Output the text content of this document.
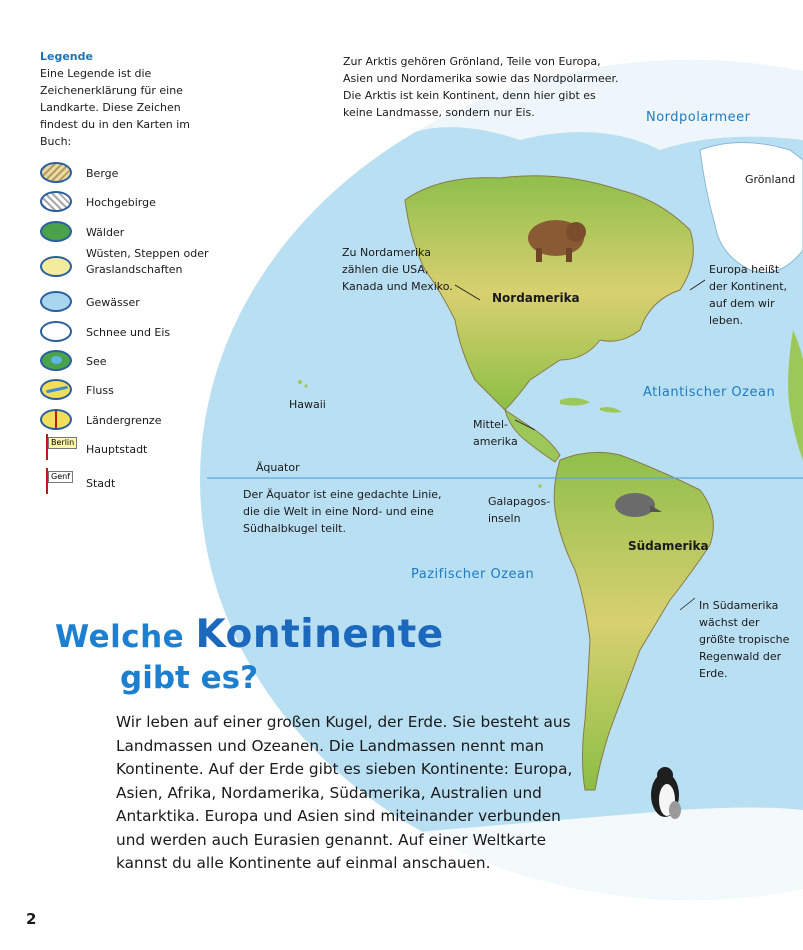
Legende
Eine Legende ist die Zeichenerklärung für eine Landkarte. Diese Zeichen findest du in den Karten im Buch:
Berge
Hochgebirge
Wälder
Wüsten, Steppen oder Graslandschaften
Gewässer
Schnee und Eis
See
Fluss
Ländergrenze
Berlin
Hauptstadt
Genf
Stadt
Zur Arktis gehören Grönland, Teile von Europa, Asien und Nordamerika sowie das Nordpolarmeer. Die Arktis ist kein Kontinent, denn hier gibt es keine Landmasse, sondern nur Eis.	Nordpolarmeer
Grönland
Zu Nordamerika zählen die USA, Kanada und Mexiko.
Nordamerika
Europa heißt der Kontinent, auf dem wir leben.
Hawaii
Mittel-amerika
Atlantischer Ozean
Äquator
Der Äquator ist eine gedachte Linie, die die Welt in eine Nord- und eine Südhalbkugel teilt.
Galapagos-inseln
Südamerika
Pazifischer Ozean
In Südamerika wächst der größte tropische Regenwald der Erde.
Welche Kontinente
gibt es?
Wir leben auf einer großen Kugel, der Erde. Sie besteht aus Landmassen und Ozeanen. Die Landmassen nennt man Kontinente. Auf der Erde gibt es sieben Kontinente: Europa, Asien, Afrika, Nordamerika, Südamerika, Australien und Antarktika. Europa und Asien sind miteinander verbunden und werden auch Eurasien genannt. Auf einer Weltkarte kannst du alle Kontinente auf einmal anschauen.
2
